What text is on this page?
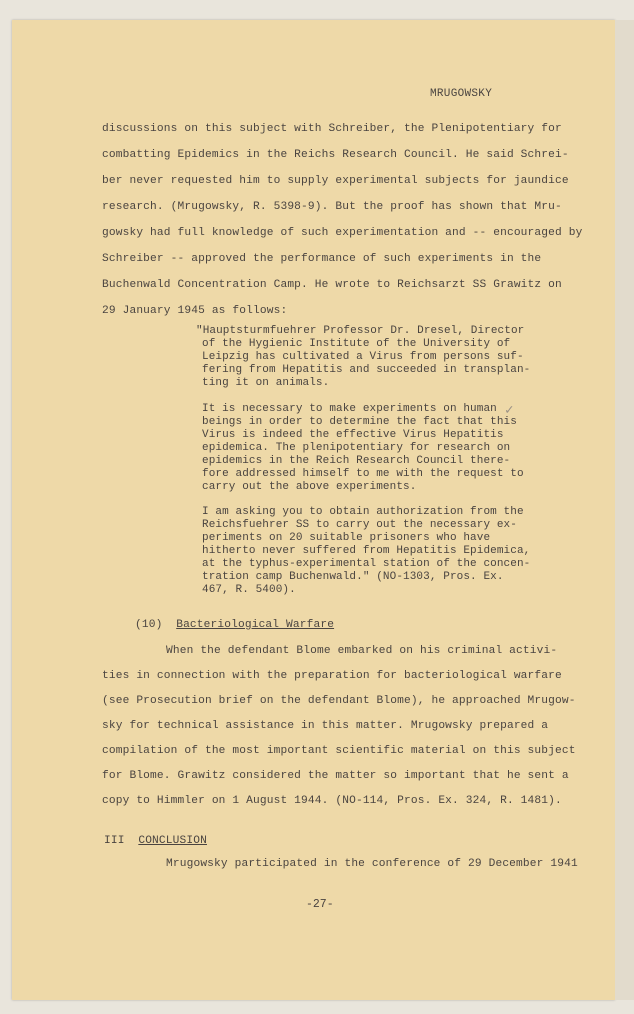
MRUGOWSKY
discussions on this subject with Schreiber, the Plenipotentiary for
combatting Epidemics in the Reichs Research Council. He said Schrei-
ber never requested him to supply experimental subjects for jaundice
research. (Mrugowsky, R. 5398-9). But the proof has shown that Mru-
gowsky had full knowledge of such experimentation and -- encouraged by
Schreiber -- approved the performance of such experiments in the
Buchenwald Concentration Camp. He wrote to Reichsarzt SS Grawitz on
29 January 1945 as follows:
"Hauptsturmfuehrer Professor Dr. Dresel, Director
of the Hygienic Institute of the University of
Leipzig has cultivated a Virus from persons suf-
fering from Hepatitis and succeeded in transplan-
ting it on animals.
It is necessary to make experiments on human
beings in order to determine the fact that this
Virus is indeed the effective Virus Hepatitis
epidemica. The plenipotentiary for research on
epidemics in the Reich Research Council there-
fore addressed himself to me with the request to
carry out the above experiments.
✓
I am asking you to obtain authorization from the
Reichsfuehrer SS to carry out the necessary ex-
periments on 20 suitable prisoners who have
hitherto never suffered from Hepatitis Epidemica,
at the typhus-experimental station of the concen-
tration camp Buchenwald." (NO-1303, Pros. Ex.
467, R. 5400).
(10) Bacteriological Warfare
When the defendant Blome embarked on his criminal activi-
ties in connection with the preparation for bacteriological warfare
(see Prosecution brief on the defendant Blome), he approached Mrugow-
sky for technical assistance in this matter. Mrugowsky prepared a
compilation of the most important scientific material on this subject
for Blome. Grawitz considered the matter so important that he sent a
copy to Himmler on 1 August 1944. (NO-114, Pros. Ex. 324, R. 1481).
III CONCLUSION
Mrugowsky participated in the conference of 29 December 1941
-27-
